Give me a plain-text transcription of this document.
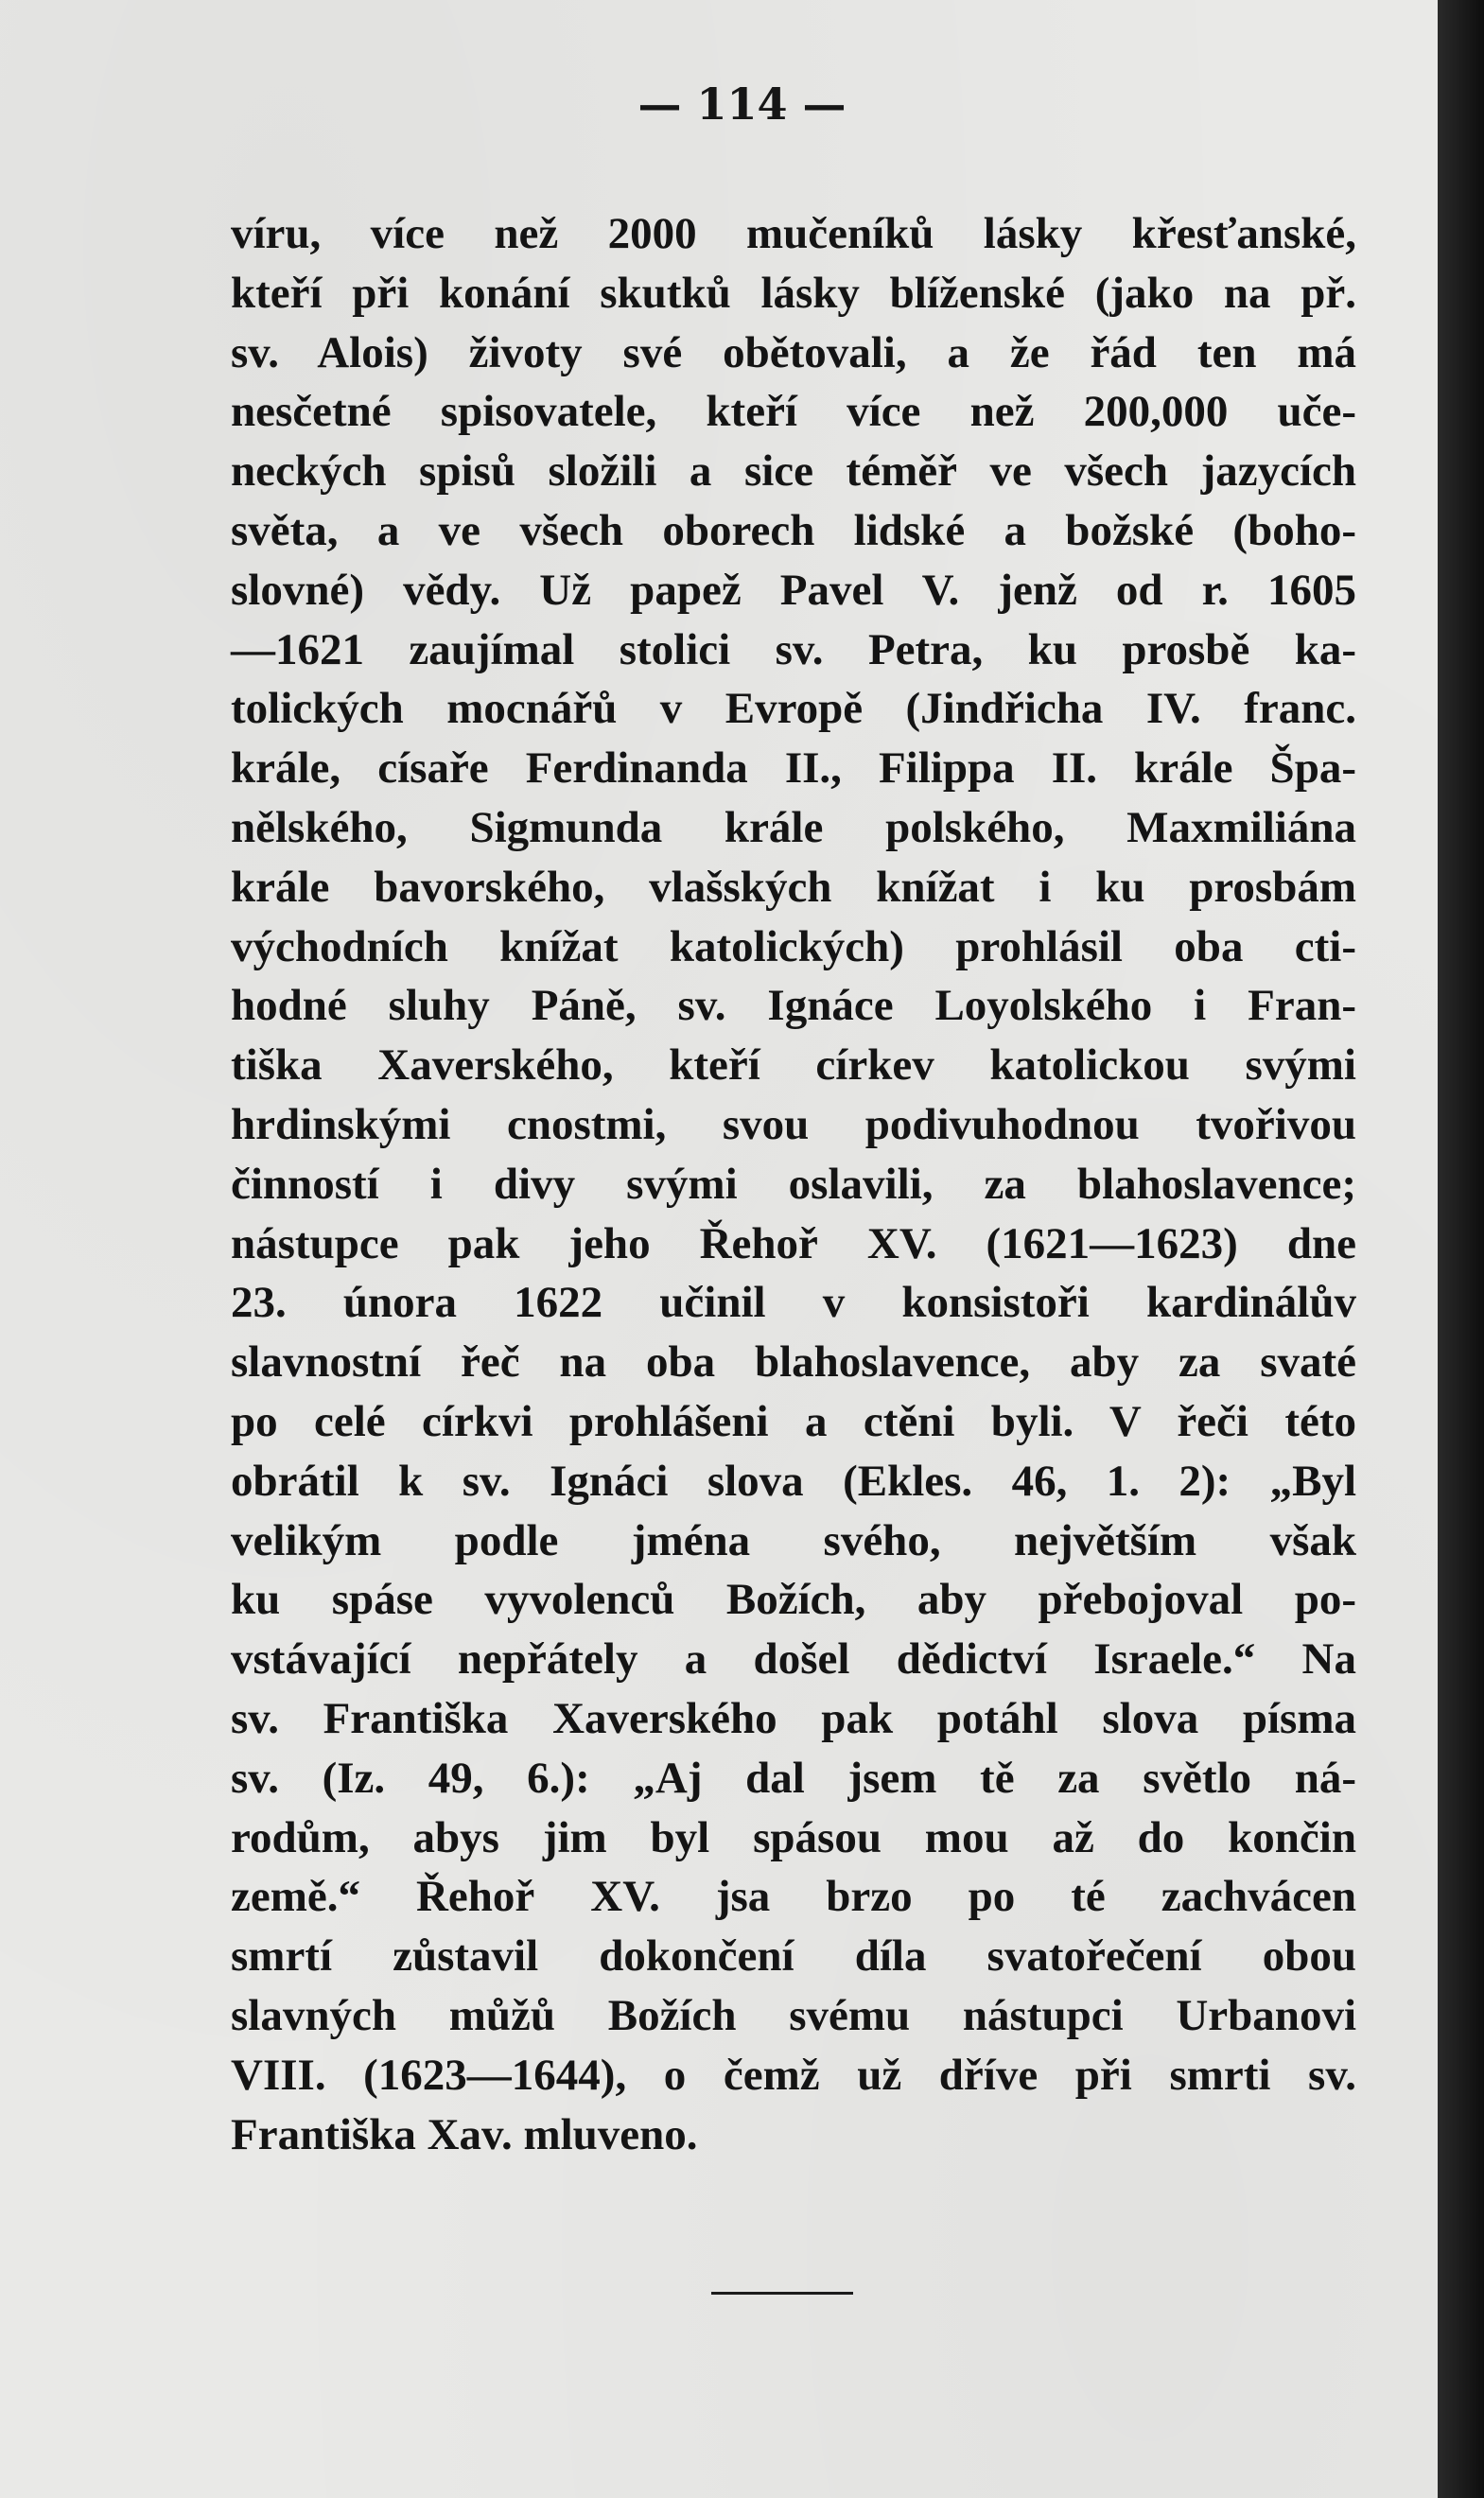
— 114 —
víru, více než 2000 mučeníků lásky křesťanské,
kteří při konání skutků lásky blíženské (jako na př.
sv. Alois) životy své obětovali, a že řád ten má
nesčetné spisovatele, kteří více než 200,000 uče-
neckých spisů složili a sice téměř ve všech jazycích
světa, a ve všech oborech lidské a božské (boho-
slovné) vědy. Už papež Pavel V. jenž od r. 1605
—1621 zaujímal stolici sv. Petra, ku prosbě ka-
tolických mocnářů v Evropě (Jindřicha IV. franc.
krále, císaře Ferdinanda II., Filippa II. krále Špa-
nělského, Sigmunda krále polského, Maxmiliána
krále bavorského, vlašských knížat i ku prosbám
východních knížat katolických) prohlásil oba cti-
hodné sluhy Páně, sv. Ignáce Loyolského i Fran-
tiška Xaverského, kteří církev katolickou svými
hrdinskými cnostmi, svou podivuhodnou tvořivou
činností i divy svými oslavili, za blahoslavence;
nástupce pak jeho Řehoř XV. (1621—1623) dne
23. února 1622 učinil v konsistoři kardinálův
slavnostní řeč na oba blahoslavence, aby za svaté
po celé církvi prohlášeni a ctěni byli. V řeči této
obrátil k sv. Ignáci slova (Ekles. 46, 1. 2): „Byl
velikým podle jména svého, největším však
ku spáse vyvolenců Božích, aby přebojoval po-
vstávající nepřátely a došel dědictví Israele.“ Na
sv. Františka Xaverského pak potáhl slova písma
sv. (Iz. 49, 6.): „Aj dal jsem tě za světlo ná-
rodům, abys jim byl spásou mou až do končin
země.“ Řehoř XV. jsa brzo po té zachvácen
smrtí zůstavil dokončení díla svatořečení obou
slavných můžů Božích svému nástupci Urbanovi
VIII. (1623—1644), o čemž už dříve při smrti sv.
Františka Xav. mluveno.
